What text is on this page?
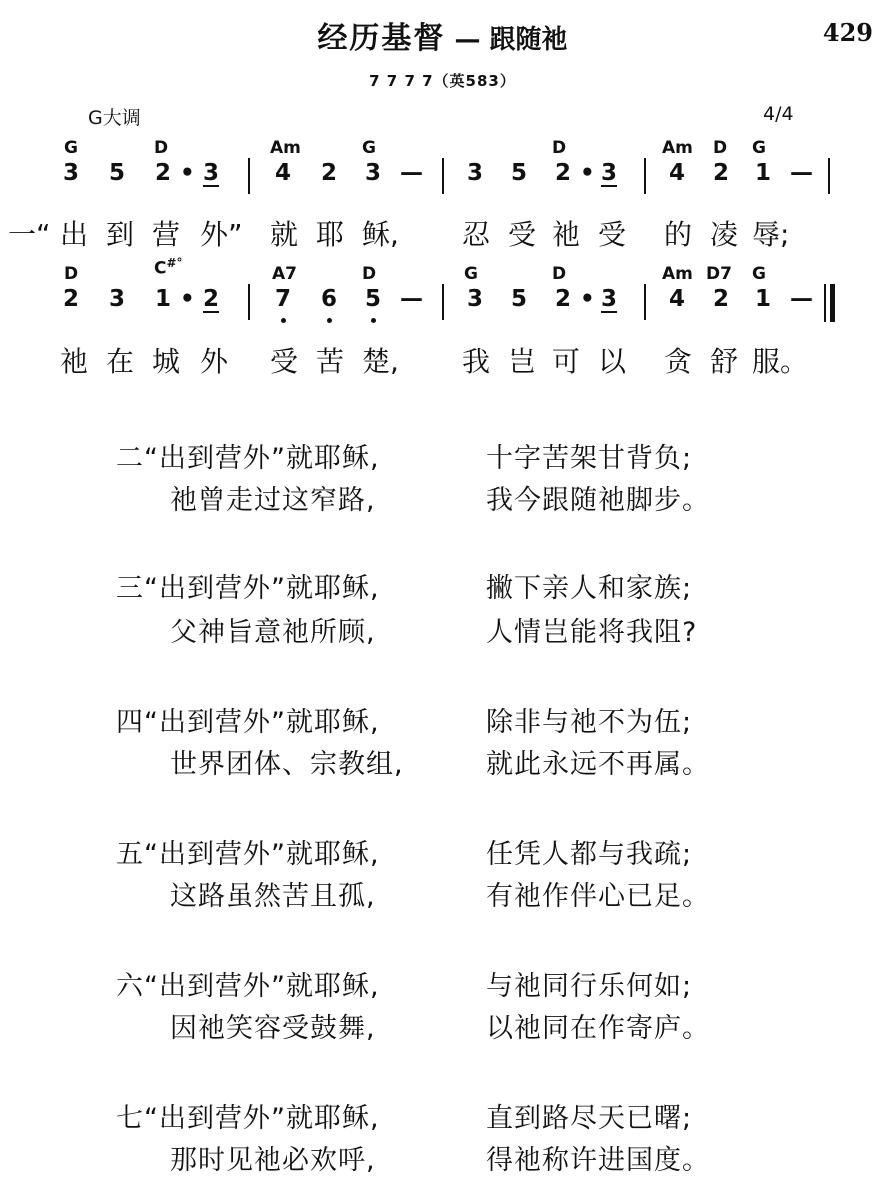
经历基督 — 跟随祂	429
7 7 7 7（英583）
G大调	4/4
G	D	Am	G	D	Am D G
3 5 2 • 3 4 2 3 — 3 5 2 • 3 4 2 1 —
一“ 出 到 营 外” 就 耶 稣, 忍 受 祂 受 的 凌 辱;
D	C#°
A7	D	G	D	Am D7 G
2 3 1 • 2 7 6 5 — 3 5 2 • 3 4 2 1 —
祂 在 城 外 受 苦 楚, 我 岂 可 以 贪 舒 服。
二 “出到营外”就耶稣,	十字苦架甘背负;
祂曾走过这窄路,	我今跟随祂脚步。
三 “出到营外”就耶稣,	撇下亲人和家族;
父神旨意祂所顾,	人情岂能将我阻?
四 “出到营外”就耶稣,	除非与祂不为伍;
世界团体、宗教组,	就此永远不再属。
五 “出到营外”就耶稣,	任凭人都与我疏;
这路虽然苦且孤,	有祂作伴心已足。
六 “出到营外”就耶稣,	与祂同行乐何如;
因祂笑容受鼓舞,	以祂同在作寄庐。
七 “出到营外”就耶稣,	直到路尽天已曙;
那时见祂必欢呼,	得祂称许进国度。
